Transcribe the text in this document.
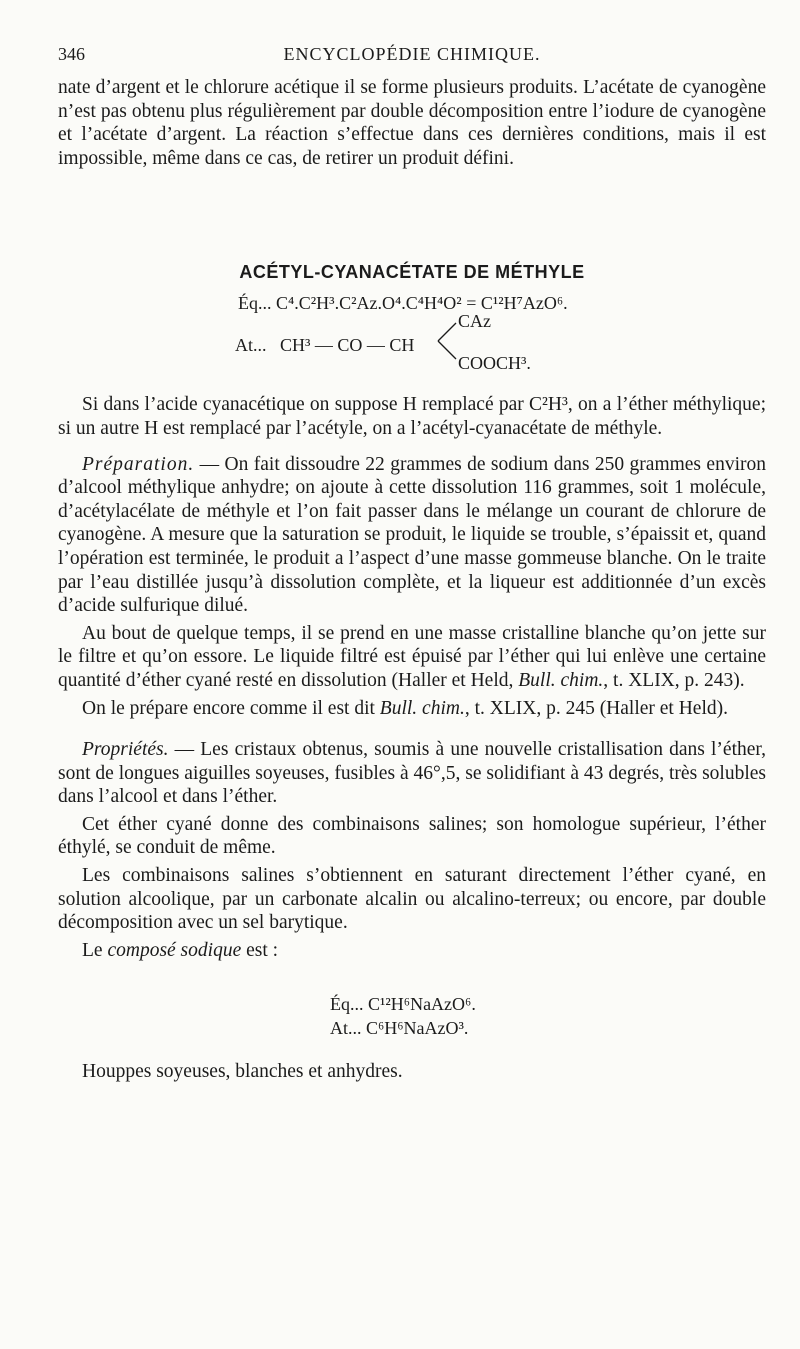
346	ENCYCLOPÉDIE CHIMIQUE.

nate d’argent et le chlorure acétique il se forme plusieurs produits. L’acétate de cyanogène n’est pas obtenu plus régulièrement par double décomposition entre l’iodure de cyanogène et l’acétate d’argent. La réaction s’effectue dans ces dernières conditions, mais il est impossible, même dans ce cas, de retirer un produit défini.

ACÉTYL-CYANACÉTATE DE MÉTHYLE
Éq... C⁴.C²H³.C²Az.O⁴.C⁴H⁴O² = C¹²H⁷AzO⁶.
At... CH³ — CO — CH
CAz
COOCH³.

Si dans l’acide cyanacétique on suppose H remplacé par C²H³, on a l’éther méthylique; si un autre H est remplacé par l’acétyle, on a l’acétyl-cyanacétate de méthyle.

Préparation. — On fait dissoudre 22 grammes de sodium dans 250 grammes environ d’alcool méthylique anhydre; on ajoute à cette dissolution 116 grammes, soit 1 molécule, d’acétylacélate de méthyle et l’on fait passer dans le mélange un courant de chlorure de cyanogène. A mesure que la saturation se produit, le liquide se trouble, s’épaissit et, quand l’opération est terminée, le produit a l’aspect d’une masse gommeuse blanche. On le traite par l’eau distillée jusqu’à dissolution complète, et la liqueur est additionnée d’un excès d’acide sulfurique dilué.

Au bout de quelque temps, il se prend en une masse cristalline blanche qu’on jette sur le filtre et qu’on essore. Le liquide filtré est épuisé par l’éther qui lui enlève une certaine quantité d’éther cyané resté en dissolution (Haller et Held, Bull. chim., t. XLIX, p. 243).

On le prépare encore comme il est dit Bull. chim., t. XLIX, p. 245 (Haller et Held).

Propriétés. — Les cristaux obtenus, soumis à une nouvelle cristallisation dans l’éther, sont de longues aiguilles soyeuses, fusibles à 46°,5, se solidifiant à 43 degrés, très solubles dans l’alcool et dans l’éther.

Cet éther cyané donne des combinaisons salines; son homologue supérieur, l’éther éthylé, se conduit de même.

Les combinaisons salines s’obtiennent en saturant directement l’éther cyané, en solution alcoolique, par un carbonate alcalin ou alcalino-terreux; ou encore, par double décomposition avec un sel barytique.

Le composé sodique est :

Éq... C¹²H⁶NaAzO⁶.
At... C⁶H⁶NaAzO³.

Houppes soyeuses, blanches et anhydres.
